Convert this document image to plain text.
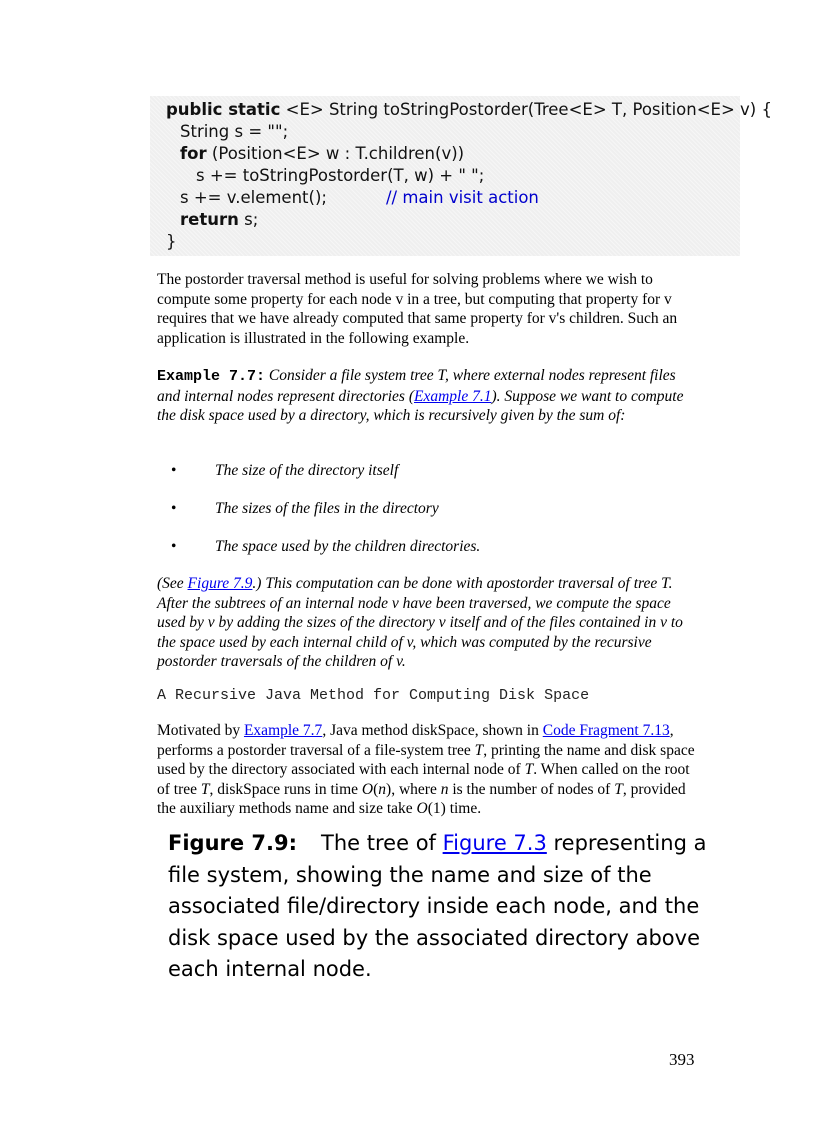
public static <E> String toStringPostorder(Tree<E> T, Position<E> v) {
String s = "";
for (Position<E> w : T.children(v))
s += toStringPostorder(T, w) + " ";
s += v.element();	// main visit action
return s;
}
The postorder traversal method is useful for solving problems where we wish to compute some property for each node v in a tree, but computing that property for v requires that we have already computed that same property for v's children. Such an application is illustrated in the following example.
Example 7.7: Consider a file system tree T, where external nodes represent files and internal nodes represent directories (Example 7.1). Suppose we want to compute the disk space used by a directory, which is recursively given by the sum of:
• The size of the directory itself
• The sizes of the files in the directory
• The space used by the children directories.
(See Figure 7.9.) This computation can be done with apostorder traversal of tree T. After the subtrees of an internal node v have been traversed, we compute the space used by v by adding the sizes of the directory v itself and of the files contained in v to the space used by each internal child of v, which was computed by the recursive postorder traversals of the children of v.
A Recursive Java Method for Computing Disk Space
Motivated by Example 7.7, Java method diskSpace, shown in Code Fragment 7.13, performs a postorder traversal of a file-system tree T, printing the name and disk space used by the directory associated with each internal node of T. When called on the root of tree T, diskSpace runs in time O(n), where n is the number of nodes of T, provided the auxiliary methods name and size take O(1) time.
Figure 7.9: The tree of Figure 7.3 representing a file system, showing the name and size of the associated file/directory inside each node, and the disk space used by the associated directory above each internal node.
393
